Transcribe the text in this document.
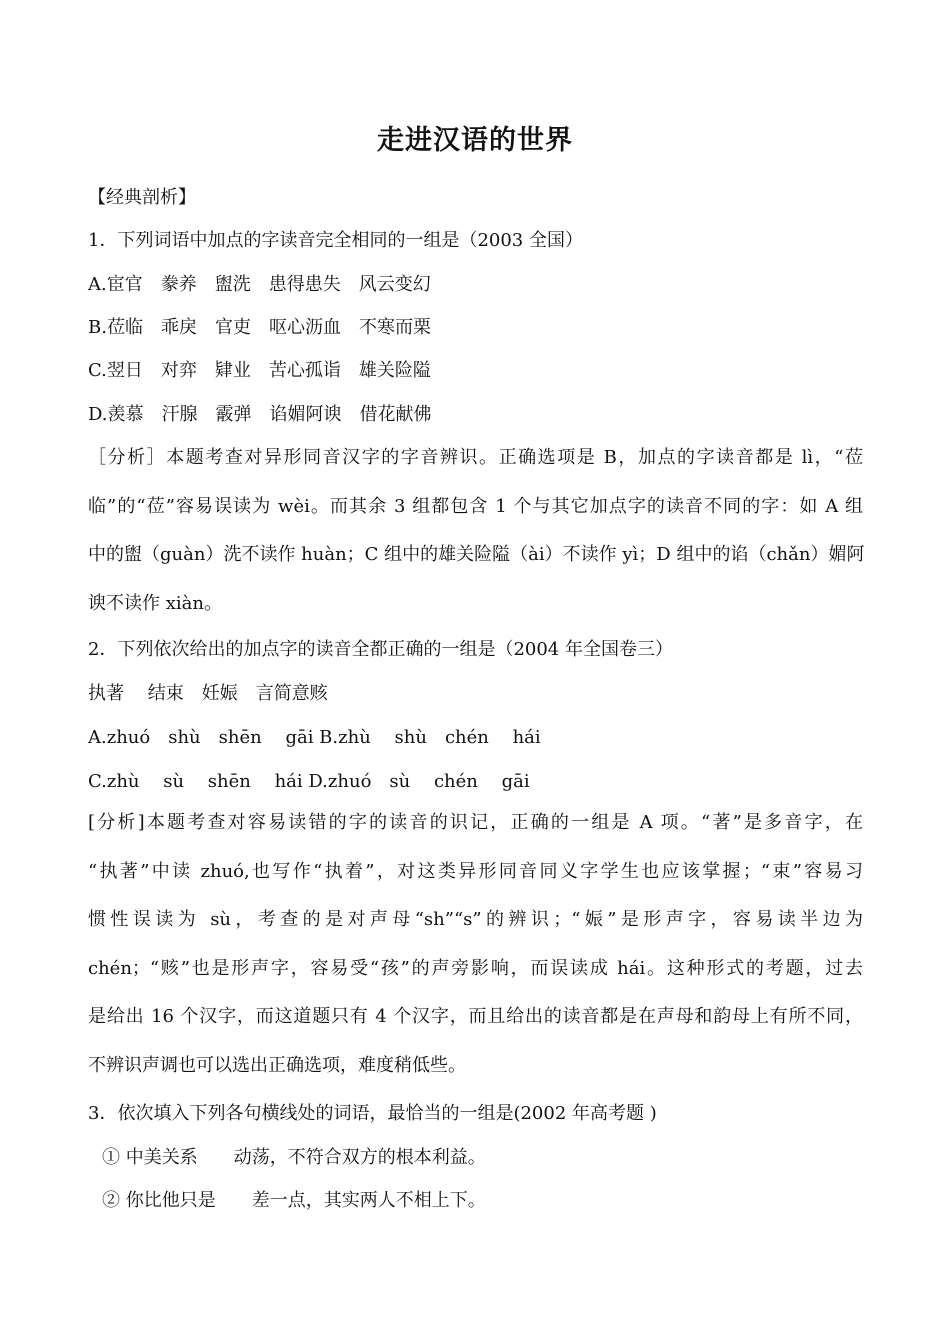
走进汉语的世界
【经典剖析】
1．下列词语中加点的字读音完全相同的一组是（2003 全国）
A.宦官　豢养　盥洗　患得患失　风云变幻
B.莅临　乖戾　官吏　呕心沥血　不寒而栗
C.翌日　对弈　肄业　苦心孤诣　雄关险隘
D.羡慕　汗腺　霰弹　谄媚阿谀　借花献佛
［分析］本题考查对异形同音汉字的字音辨识。正确选项是 B，加点的字读音都是 lì，“莅
临”的“莅”容易误读为 wèi。而其余 3 组都包含 1 个与其它加点字的读音不同的字：如 A 组
中的盥（guàn）洗不读作 huàn；C 组中的雄关险隘（ài）不读作 yì；D 组中的谄（chǎn）媚阿
谀不读作 xiàn。
2．下列依次给出的加点字的读音全都正确的一组是（2004 年全国卷三）
执著　 结束　妊娠　言简意赅
A.zhuó　shù　shēn　 gāi B.zhù　 shù　chén　 hái
C.zhù　 sù　 shēn　 hái D.zhuó　sù　 chén　 gāi
[分析]本题考查对容易读错的字的读音的识记，正确的一组是 A 项。“著”是多音字，在
“执著”中读 zhuó,也写作“执着”，对这类异形同音同义字学生也应该掌握；“束”容易习
惯性误读为 sù，考查的是对声母“sh”“s”的辨识；“娠”是形声字，容易读半边为
chén；“赅”也是形声字，容易受“孩”的声旁影响，而误读成 hái。这种形式的考题，过去
是给出 16 个汉字，而这道题只有 4 个汉字，而且给出的读音都是在声母和韵母上有所不同，
不辨识声调也可以选出正确选项，难度稍低些。
3．依次填入下列各句横线处的词语，最恰当的一组是(2002 年高考题 )
① 中美关系　　动荡，不符合双方的根本利益。
② 你比他只是　　差一点，其实两人不相上下。
